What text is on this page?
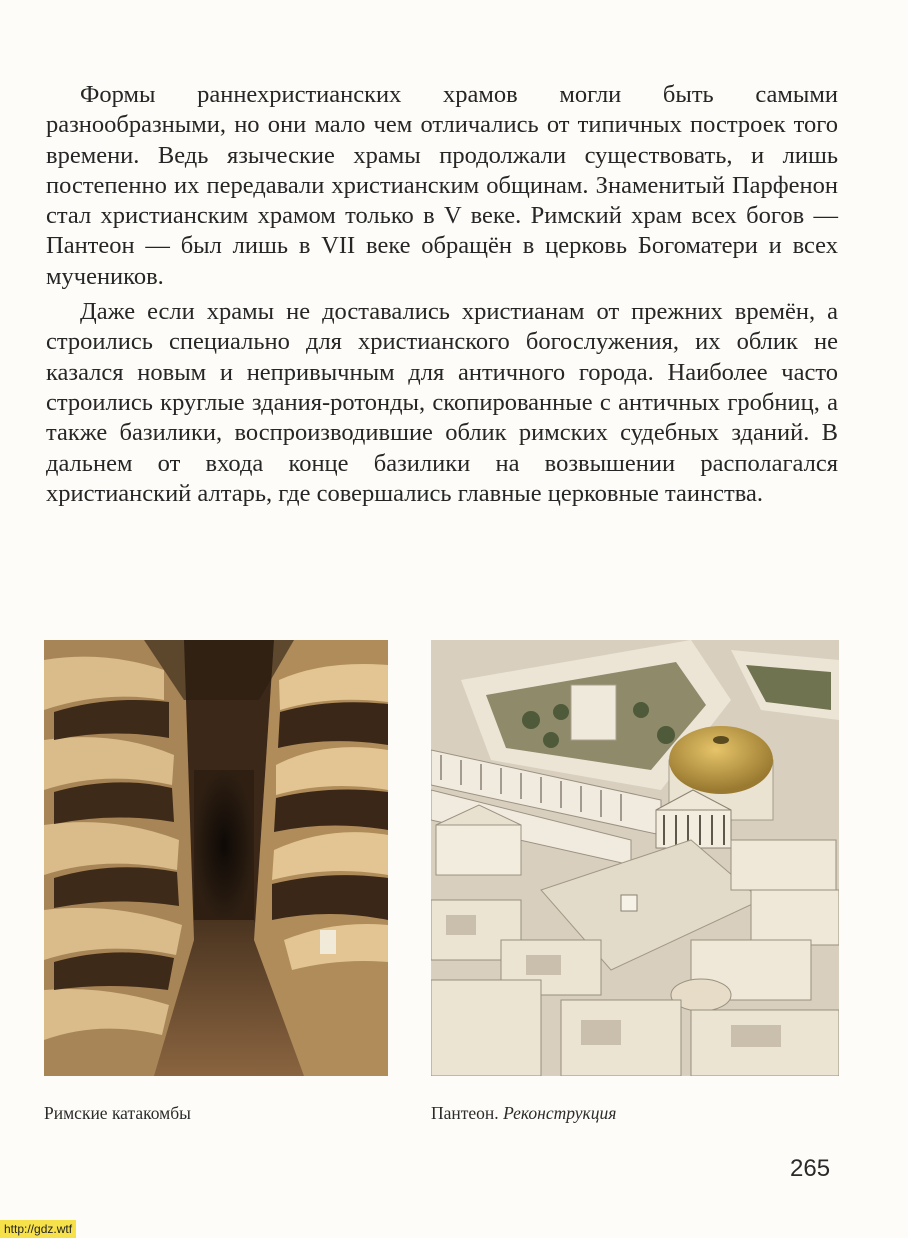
Формы раннехристианских храмов могли быть самыми разнообразными, но они мало чем отличались от типичных построек того времени. Ведь языческие храмы продолжали существовать, и лишь постепенно их передавали христианским общинам. Знаменитый Парфенон стал христианским храмом только в V веке. Римский храм всех богов — Пантеон — был лишь в VII веке обращён в церковь Богоматери и всех мучеников.

Даже если храмы не доставались христианам от прежних времён, а строились специально для христианского богослужения, их облик не казался новым и непривычным для античного города. Наиболее часто строились круглые здания-ротонды, скопированные с античных гробниц, а также базилики, воспроизводившие облик римских судебных зданий. В дальнем от входа конце базилики на возвышении располагался христианский алтарь, где совершались главные церковные таинства.

Римские катакомбы	Пантеон. Реконструкция
265
http://gdz.wtf
